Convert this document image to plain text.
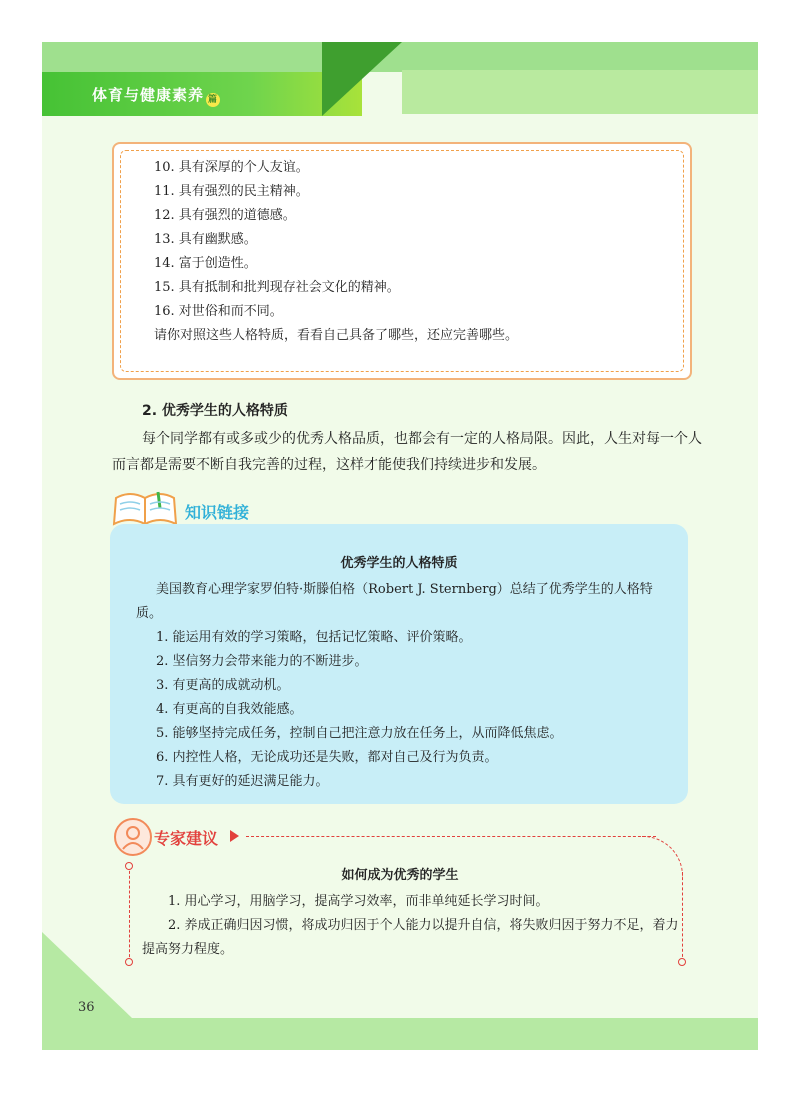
体育与健康素养 篇
10. 具有深厚的个人友谊。
11. 具有强烈的民主精神。
12. 具有强烈的道德感。
13. 具有幽默感。
14. 富于创造性。
15. 具有抵制和批判现存社会文化的精神。
16. 对世俗和而不同。
请你对照这些人格特质，看看自己具备了哪些，还应完善哪些。
2. 优秀学生的人格特质
每个同学都有或多或少的优秀人格品质，也都会有一定的人格局限。因此，人生对每一个人而言都是需要不断自我完善的过程，这样才能使我们持续进步和发展。
知识链接
优秀学生的人格特质
美国教育心理学家罗伯特·斯滕伯格（Robert J. Sternberg）总结了优秀学生的人格特质。
1. 能运用有效的学习策略，包括记忆策略、评价策略。
2. 坚信努力会带来能力的不断进步。
3. 有更高的成就动机。
4. 有更高的自我效能感。
5. 能够坚持完成任务，控制自己把注意力放在任务上，从而降低焦虑。
6. 内控性人格，无论成功还是失败，都对自己及行为负责。
7. 具有更好的延迟满足能力。
专家建议
如何成为优秀的学生
1. 用心学习，用脑学习，提高学习效率，而非单纯延长学习时间。
2. 养成正确归因习惯，将成功归因于个人能力以提升自信，将失败归因于努力不足，着力提高努力程度。
36
